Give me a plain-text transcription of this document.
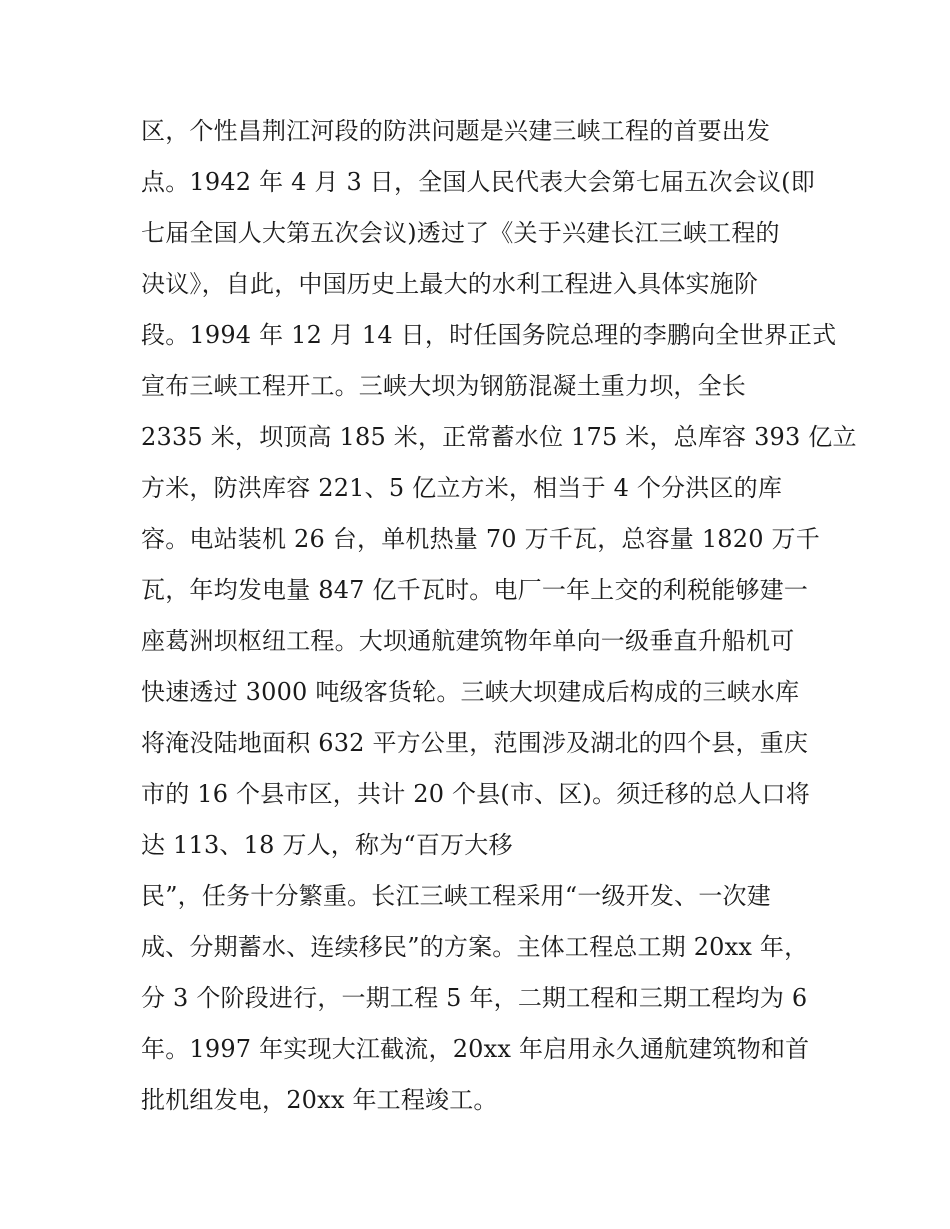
区，个性昌荆江河段的防洪问题是兴建三峡工程的首要出发
点。1942 年 4 月 3 日，全国人民代表大会第七届五次会议(即
七届全国人大第五次会议)透过了《关于兴建长江三峡工程的
决议》，自此，中国历史上最大的水利工程进入具体实施阶
段。1994 年 12 月 14 日，时任国务院总理的李鹏向全世界正式
宣布三峡工程开工。三峡大坝为钢筋混凝土重力坝，全长
2335 米，坝顶高 185 米，正常蓄水位 175 米，总库容 393 亿立
方米，防洪库容 221、5 亿立方米，相当于 4 个分洪区的库
容。电站装机 26 台，单机热量 70 万千瓦，总容量 1820 万千
瓦，年均发电量 847 亿千瓦时。电厂一年上交的利税能够建一
座葛洲坝枢纽工程。大坝通航建筑物年单向一级垂直升船机可
快速透过 3000 吨级客货轮。三峡大坝建成后构成的三峡水库
将淹没陆地面积 632 平方公里，范围涉及湖北的四个县，重庆
市的 16 个县市区，共计 20 个县(市、区)。须迁移的总人口将
达 113、18 万人，称为“百万大移
民”，任务十分繁重。长江三峡工程采用“一级开发、一次建
成、分期蓄水、连续移民”的方案。主体工程总工期 20xx 年，
分 3 个阶段进行，一期工程 5 年，二期工程和三期工程均为 6
年。1997 年实现大江截流，20xx 年启用永久通航建筑物和首
批机组发电，20xx 年工程竣工。
